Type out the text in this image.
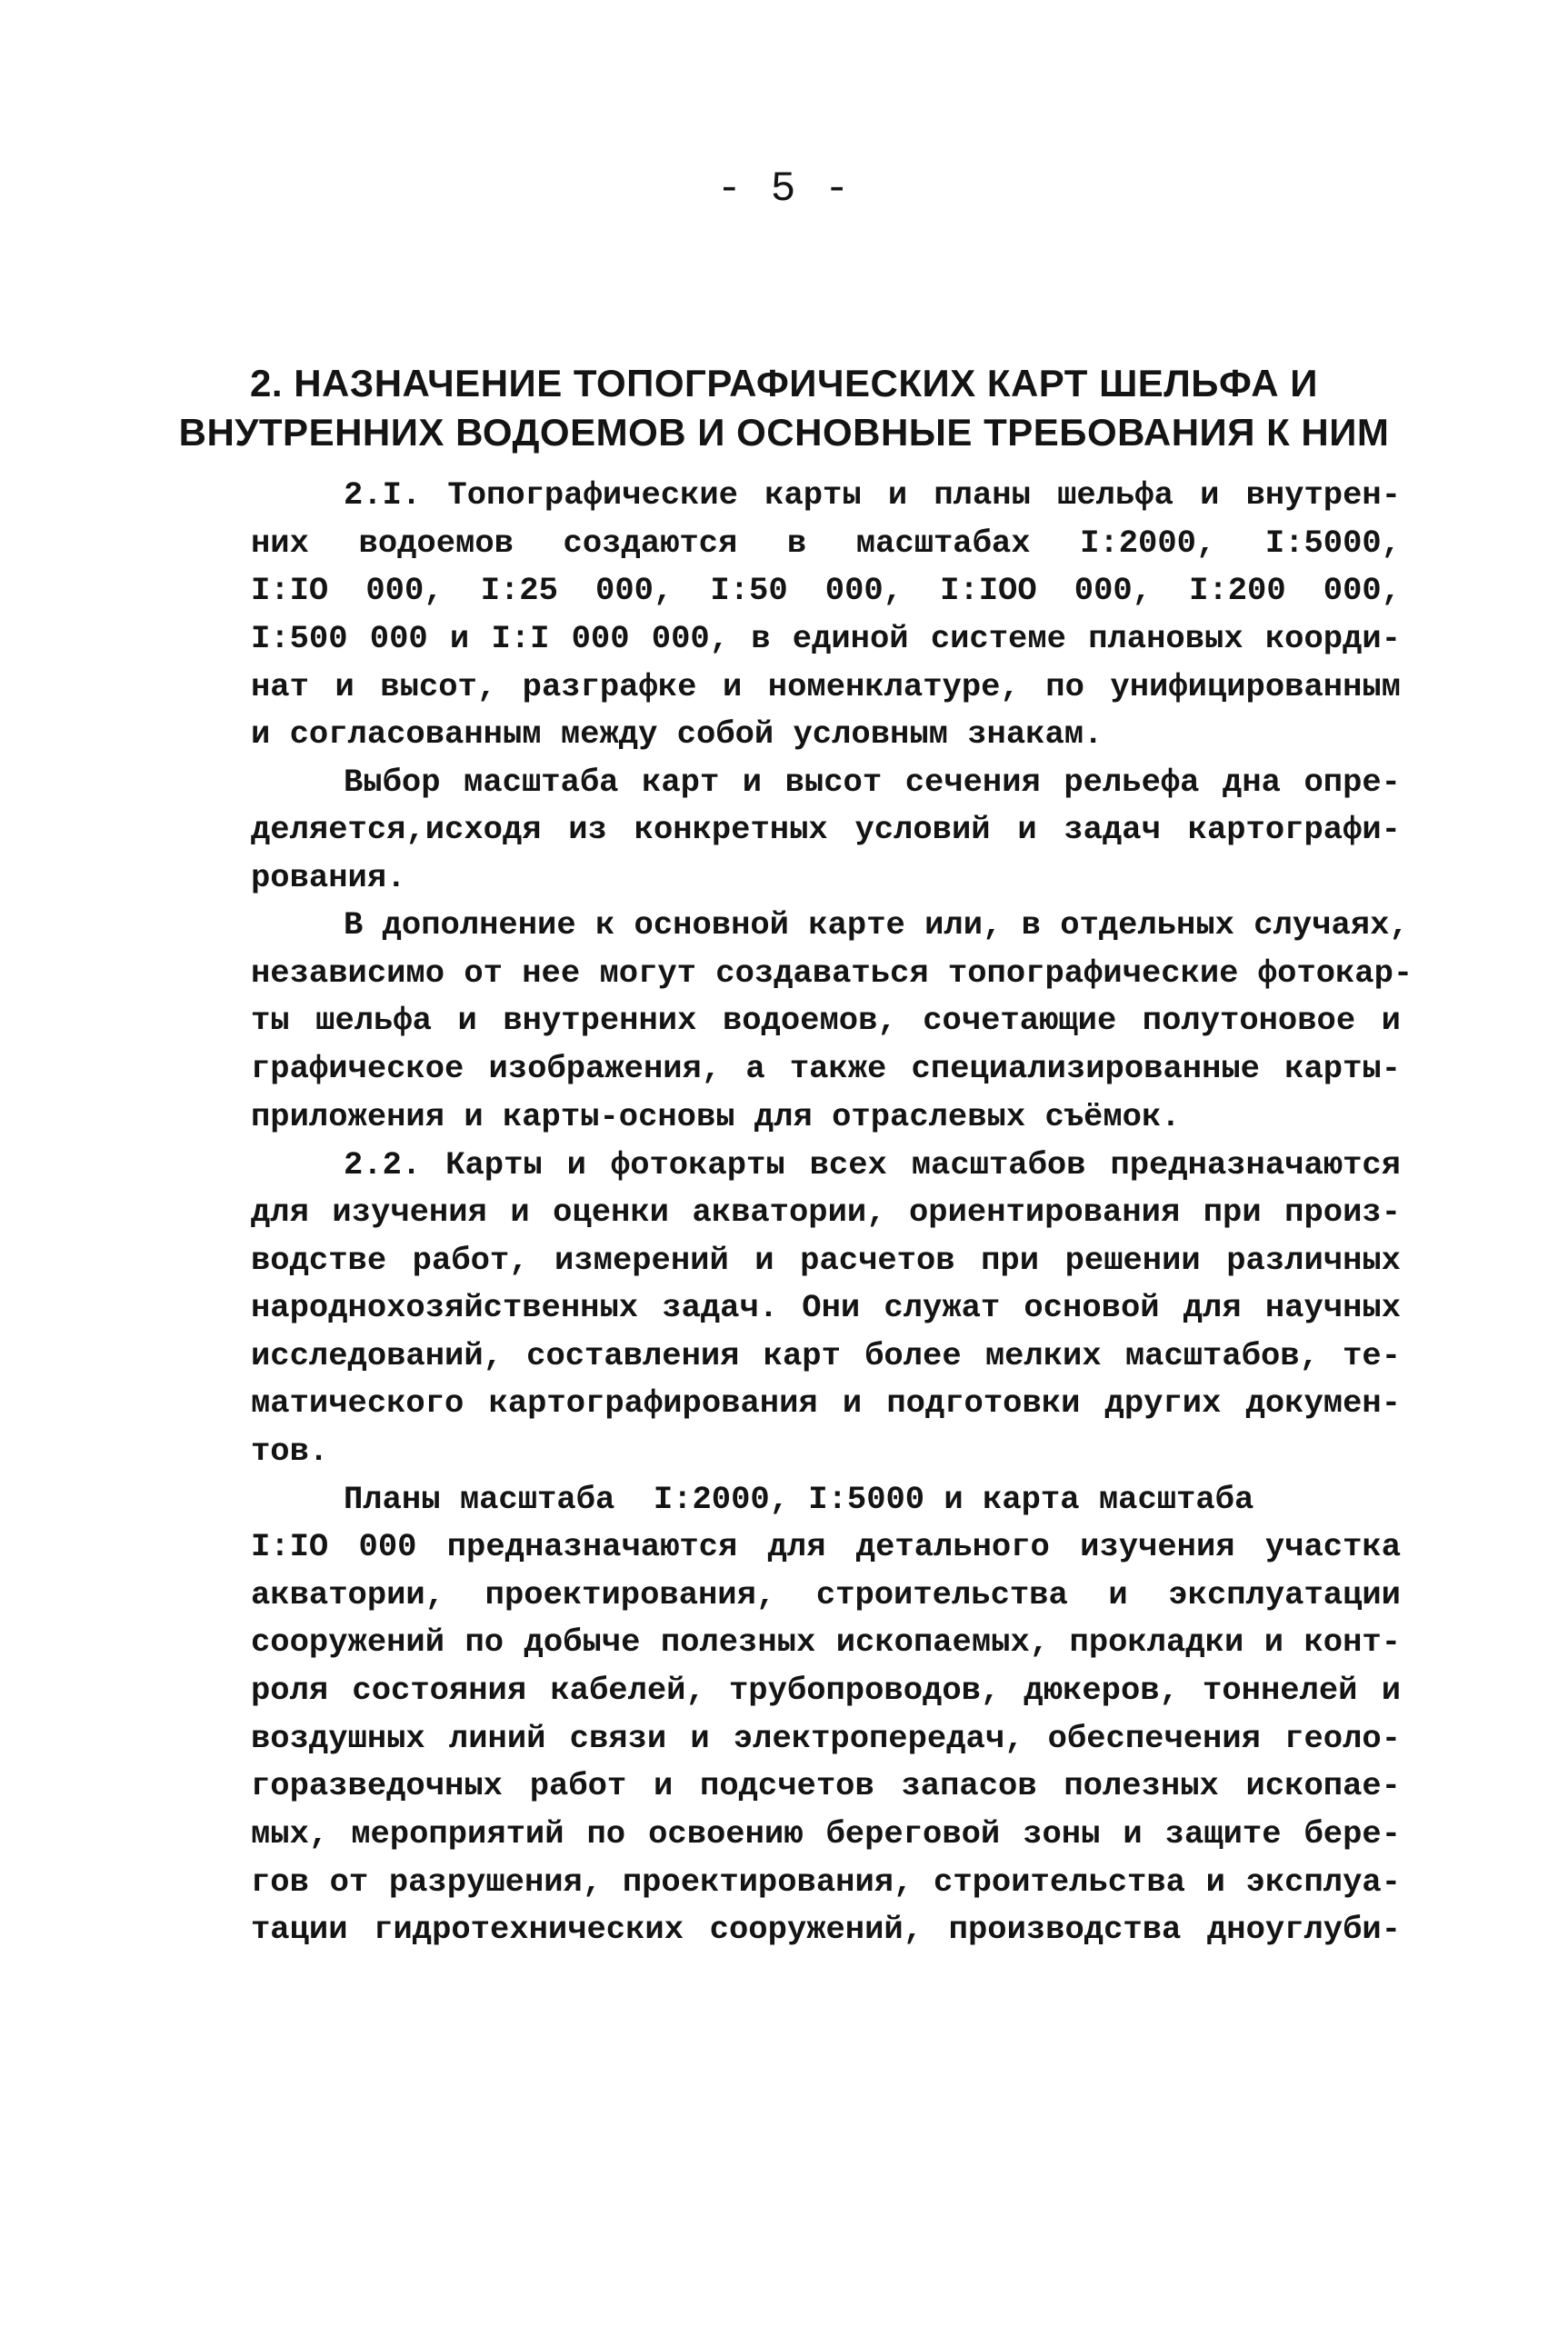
- 5 -
2. НАЗНАЧЕНИЕ ТОПОГРАФИЧЕСКИХ КАРТ ШЕЛЬФА И
ВНУТРЕННИХ ВОДОЕМОВ И ОСНОВНЫЕ ТРЕБОВАНИЯ К НИМ
2.I. Топографические карты и планы шельфа и внутрен-
них водоемов создаются в масштабах I:2000, I:5000,
I:IO 000, I:25 000, I:50 000, I:IOO 000, I:200 000,
I:500 000 и I:I 000 000, в единой системе плановых коорди-
нат и высот, разграфке и номенклатуре, по унифицированным
и согласованным между собой условным знакам.
Выбор масштаба карт и высот сечения рельефа дна опре-
деляется,исходя из конкретных условий и задач картографи-
рования.
В дополнение к основной карте или, в отдельных случаях,
независимо от нее могут создаваться топографические фотокар-
ты шельфа и внутренних водоемов, сочетающие полутоновое и
графическое изображения, а также специализированные карты-
приложения и карты-основы для отраслевых съёмок.
2.2. Карты и фотокарты всех масштабов предназначаются
для изучения и оценки акватории, ориентирования при произ-
водстве работ, измерений и расчетов при решении различных
народнохозяйственных задач. Они служат основой для научных
исследований, составления карт более мелких масштабов, те-
матического картографирования и подготовки других докумен-
тов.
Планы масштаба  I:2000, I:5000 и карта масштаба
I:IO 000 предназначаются для детального изучения участка
акватории, проектирования, строительства и эксплуатации
сооружений по добыче полезных ископаемых, прокладки и конт-
роля состояния кабелей, трубопроводов, дюкеров, тоннелей и
воздушных линий связи и электропередач, обеспечения геоло-
горазведочных работ и подсчетов запасов полезных ископае-
мых, мероприятий по освоению береговой зоны и защите бере-
гов от разрушения, проектирования, строительства и эксплуа-
тации гидротехнических сооружений, производства дноуглуби-
